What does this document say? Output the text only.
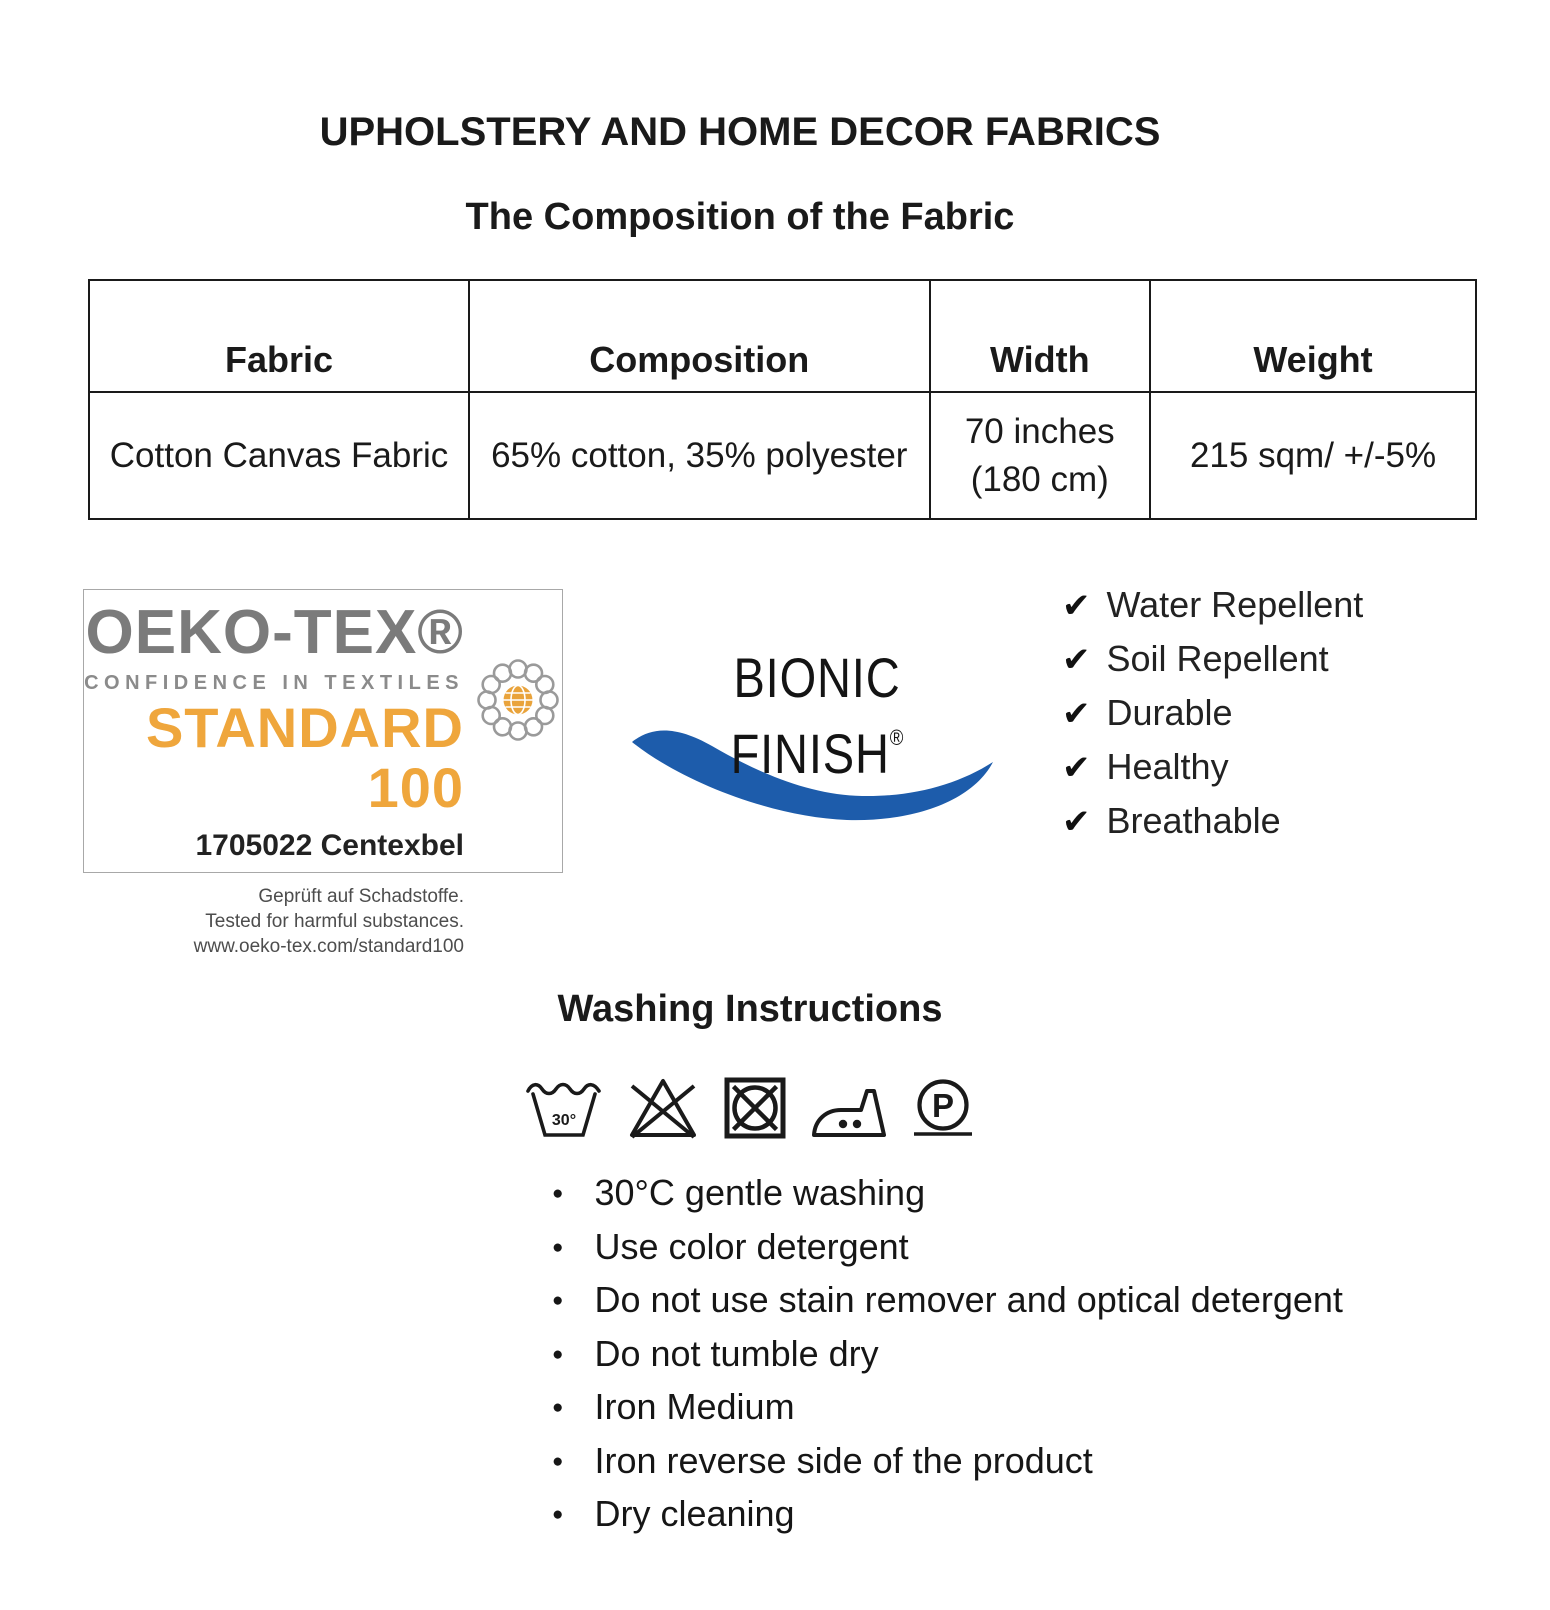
UPHOLSTERY AND HOME DECOR FABRICS
The Composition of the Fabric
Fabric	Composition	Width	Weight
Cotton Canvas Fabric	65% cotton, 35% polyester	70 inches (180 cm)	215 sqm/ +/-5%
OEKO-TEX®
CONFIDENCE IN TEXTILES
STANDARD 100
1705022 Centexbel
Geprüft auf Schadstoffe.
Tested for harmful substances.
www.oeko-tex.com/standard100
BIONIC
FINISH®
✔ Water Repellent
✔ Soil Repellent
✔ Durable
✔ Healthy
✔ Breathable
Washing Instructions
30°	P
● 30°C gentle washing
● Use color detergent
● Do not use stain remover and optical detergent
● Do not tumble dry
● Iron Medium
● Iron reverse side of the product
● Dry cleaning
